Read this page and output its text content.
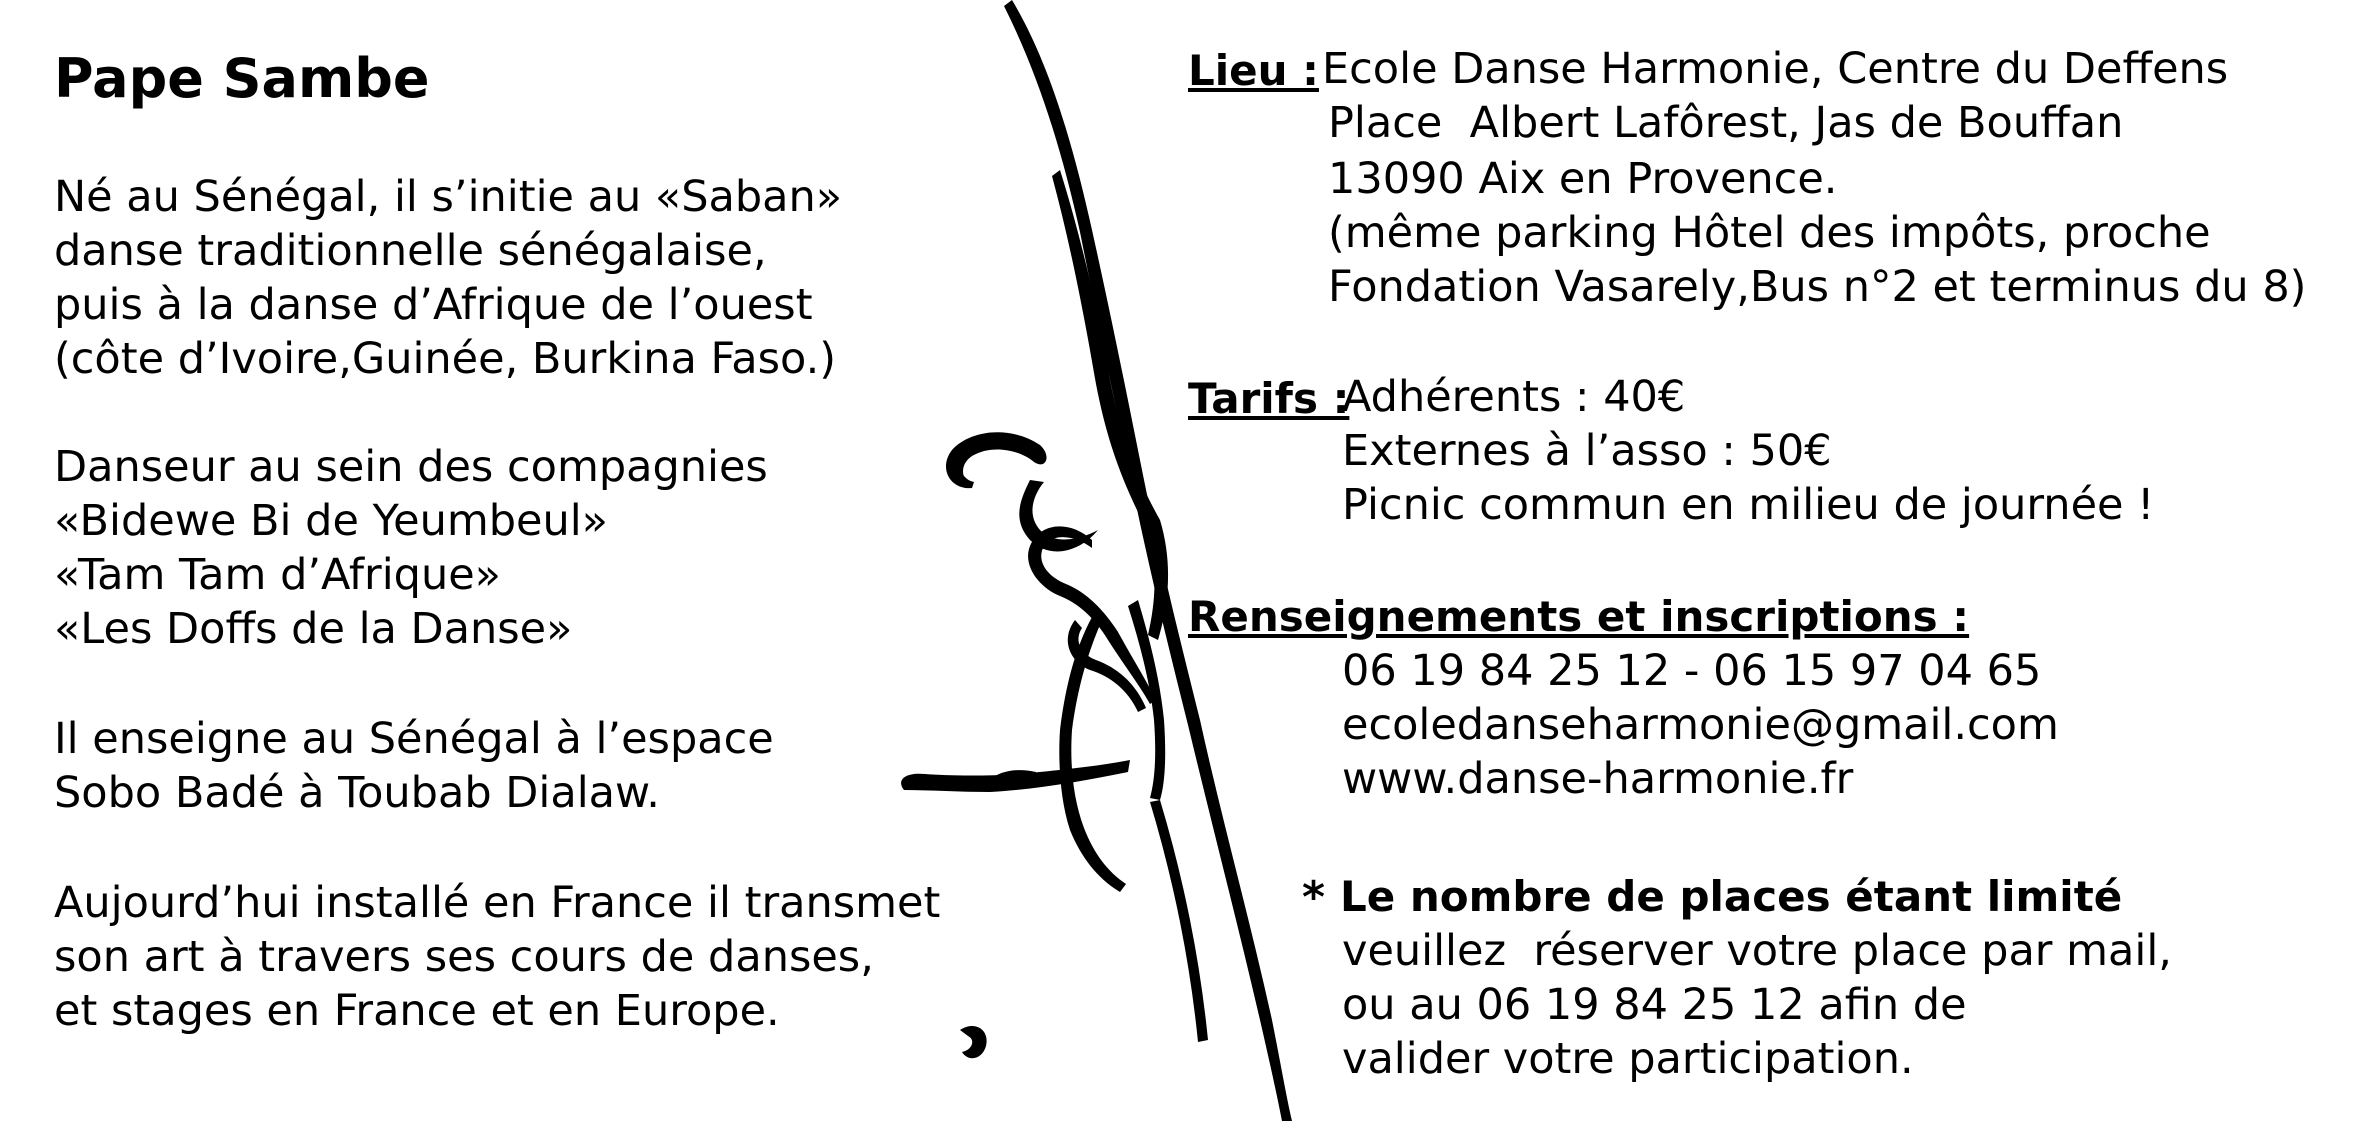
Pape Sambe
Né au Sénégal, il s’initie au «Saban»
danse traditionnelle sénégalaise,
puis à la danse d’Afrique de l’ouest
(côte d’Ivoire,Guinée, Burkina Faso.)
Danseur au sein des compagnies
«Bidewe Bi de Yeumbeul»
«Tam Tam d’Afrique»
«Les Doffs de la Danse»
Il enseigne au Sénégal à l’espace
Sobo Badé à Toubab Dialaw.
Aujourd’hui installé en France il transmet
son art à travers ses cours de danses,
et stages en France et en Europe.
Lieu : Ecole Danse Harmonie, Centre du Deffens
Place  Albert Lafôrest, Jas de Bouffan
13090 Aix en Provence.
(même parking Hôtel des impôts, proche
Fondation Vasarely,Bus n°2 et terminus du 8)
Tarifs :
Adhérents : 40€
Externes à l’asso : 50€
Picnic commun en milieu de journée !
Renseignements et inscriptions :
06 19 84 25 12 - 06 15 97 04 65
ecoledanseharmonie@gmail.com
www.danse-harmonie.fr
* Le nombre de places étant limité
veuillez  réserver votre place par mail,
ou au 06 19 84 25 12 afin de
valider votre participation.
